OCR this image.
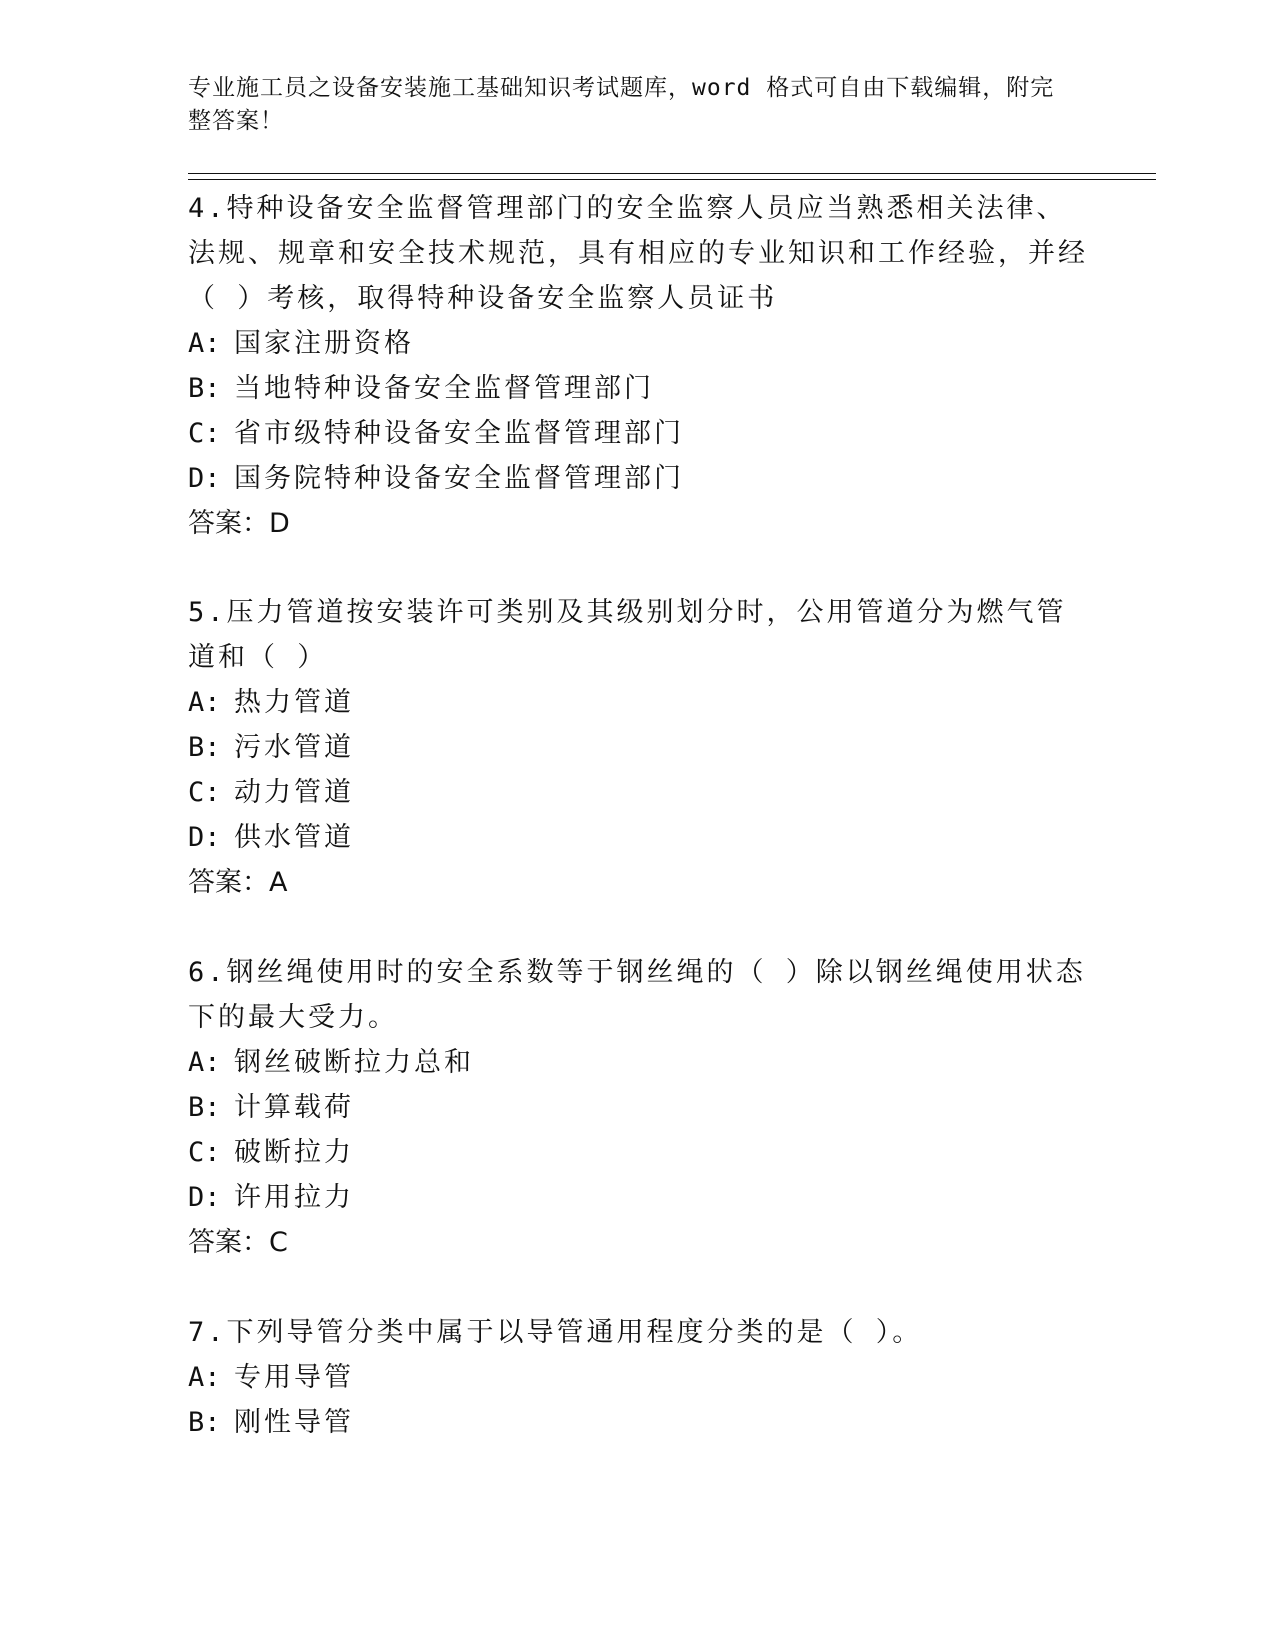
专业施工员之设备安装施工基础知识考试题库，word 格式可自由下载编辑，附完整答案！

4.特种设备安全监督管理部门的安全监察人员应当熟悉相关法律、法规、规章和安全技术规范，具有相应的专业知识和工作经验，并经（ ）考核，取得特种设备安全监察人员证书

A: 国家注册资格

B: 当地特种设备安全监督管理部门

C: 省市级特种设备安全监督管理部门

D: 国务院特种设备安全监督管理部门

答案：D

5.压力管道按安装许可类别及其级别划分时，公用管道分为燃气管道和（ ）

A: 热力管道

B: 污水管道

C: 动力管道

D: 供水管道

答案：A

6.钢丝绳使用时的安全系数等于钢丝绳的（ ）除以钢丝绳使用状态下的最大受力。

A: 钢丝破断拉力总和

B: 计算载荷

C: 破断拉力

D: 许用拉力

答案：C

7.下列导管分类中属于以导管通用程度分类的是（ ）。

A: 专用导管

B: 刚性导管
